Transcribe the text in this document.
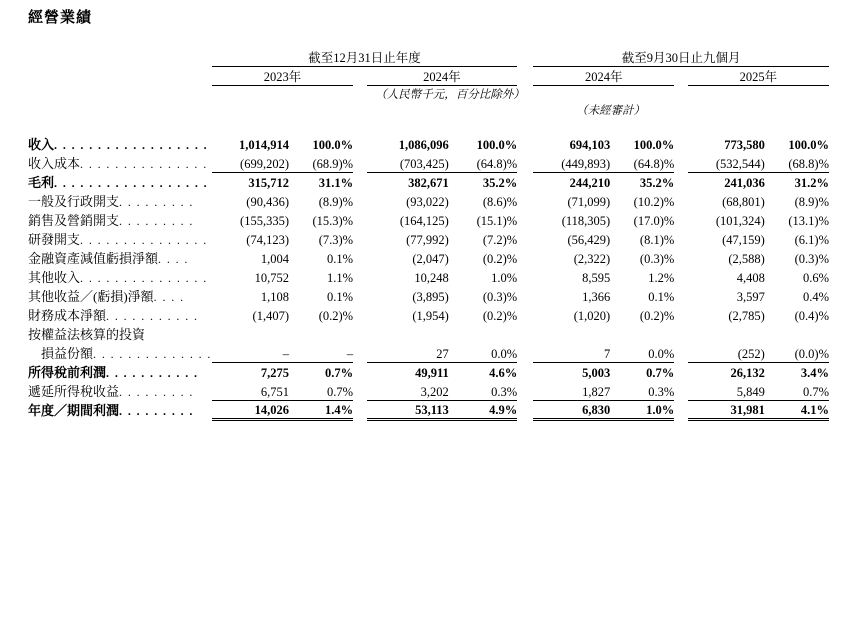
經營業績
	截至12月31日止年度						截至9月30日止九個月				
	2023年			2024年			2024年			2025年	
				（人民幣千元，百分比除外）							
							（未經審計）				

收入. . . . . . . . . . . . . . . . . .	1,014,914	100.0%		1,086,096	100.0%		694,103	100.0%		773,580	100.0%
收入成本. . . . . . . . . . . . . . .	(699,202)	(68.9)%		(703,425)	(64.8)%		(449,893)	(64.8)%		(532,544)	(68.8)%
毛利. . . . . . . . . . . . . . . . . .	315,712	31.1%		382,671	35.2%		244,210	35.2%		241,036	31.2%
一般及行政開支. . . . . . . . .	(90,436)	(8.9)%		(93,022)	(8.6)%		(71,099)	(10.2)%		(68,801)	(8.9)%
銷售及營銷開支. . . . . . . . .	(155,335)	(15.3)%		(164,125)	(15.1)%		(118,305)	(17.0)%		(101,324)	(13.1)%
研發開支. . . . . . . . . . . . . . .	(74,123)	(7.3)%		(77,992)	(7.2)%		(56,429)	(8.1)%		(47,159)	(6.1)%
金融資產減值虧損淨額. . . .	1,004	0.1%		(2,047)	(0.2)%		(2,322)	(0.3)%		(2,588)	(0.3)%
其他收入. . . . . . . . . . . . . . .	10,752	1.1%		10,248	1.0%		8,595	1.2%		4,408	0.6%
其他收益／(虧損)淨額. . . .	1,108	0.1%		(3,895)	(0.3)%		1,366	0.1%		3,597	0.4%
財務成本淨額. . . . . . . . . . .	(1,407)	(0.2)%		(1,954)	(0.2)%		(1,020)	(0.2)%		(2,785)	(0.4)%
按權益法核算的投資											
　損益份額. . . . . . . . . . . . . .	–	–		27	0.0%		7	0.0%		(252)	(0.0)%
所得稅前利潤. . . . . . . . . . .	7,275	0.7%		49,911	4.6%		5,003	0.7%		26,132	3.4%
遞延所得稅收益. . . . . . . . .	6,751	0.7%		3,202	0.3%		1,827	0.3%		5,849	0.7%
年度／期間利潤. . . . . . . . .	14,026	1.4%		53,113	4.9%		6,830	1.0%		31,981	4.1%
